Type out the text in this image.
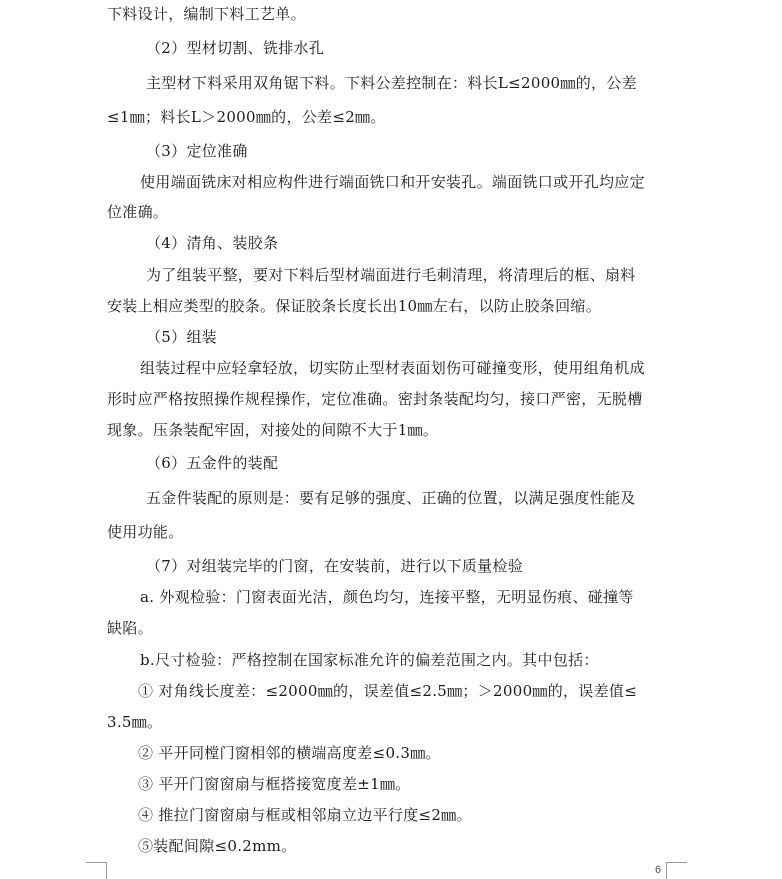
下料设计，编制下料工艺单。
（2）型材切割、铣排水孔
主型材下料采用双角锯下料。下料公差控制在：料长L≤2000㎜的，公差
≤1㎜；料长L＞2000㎜的，公差≤2㎜。
（3）定位准确
使用端面铣床对相应构件进行端面铣口和开安装孔。端面铣口或开孔均应定
位准确。
（4）清角、装胶条
为了组装平整，要对下料后型材端面进行毛刺清理，将清理后的框、扇料
安装上相应类型的胶条。保证胶条长度长出10㎜左右，以防止胶条回缩。
（5）组装
组装过程中应轻拿轻放，切实防止型材表面划伤可碰撞变形，使用组角机成
形时应严格按照操作规程操作，定位准确。密封条装配均匀，接口严密，无脱槽
现象。压条装配牢固，对接处的间隙不大于1㎜。
（6）五金件的装配
五金件装配的原则是：要有足够的强度、正确的位置，以满足强度性能及
使用功能。
（7）对组装完毕的门窗，在安装前，进行以下质量检验
a. 外观检验：门窗表面光洁，颜色均匀，连接平整，无明显伤痕、碰撞等
缺陷。
b.尺寸检验：严格控制在国家标准允许的偏差范围之内。其中包括：
① 对角线长度差：≤2000㎜的，误差值≤2.5㎜；＞2000㎜的，误差值≤
3.5㎜。
② 平开同樘门窗相邻的横端高度差≤0.3㎜。
③ 平开门窗窗扇与框搭接宽度差±1㎜。
④ 推拉门窗窗扇与框或相邻扇立边平行度≤2㎜。
⑤装配间隙≤0.2mm。
6
